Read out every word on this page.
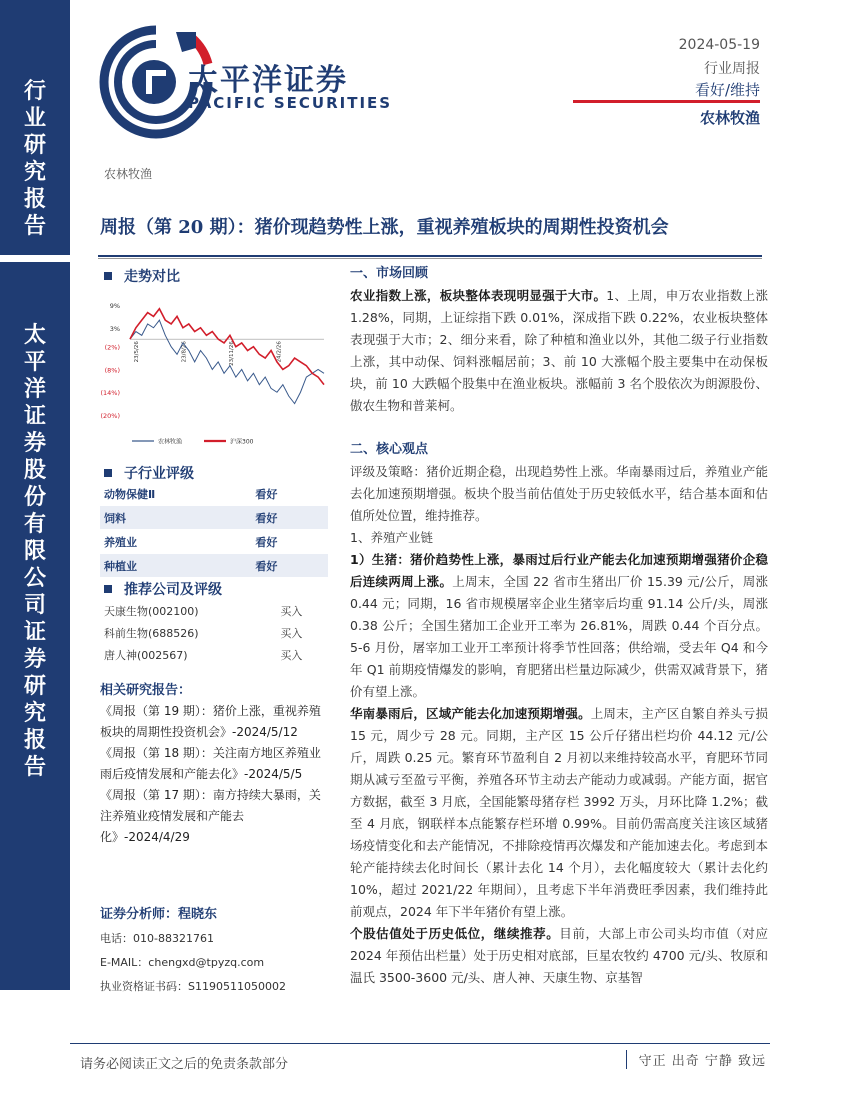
行
业
研
究
报
告
太
平
洋
证
券
股
份
有
限
公
司
证
券
研
究
报
告
太平洋证券
PACIFIC SECURITIES
2024-05-19
行业周报
看好/维持
农林牧渔
农林牧渔
周报（第 20 期）：猪价现趋势性上涨，重视养殖板块的周期性投资机会
走势对比
9%
3%
(2%)
(8%)
(14%)
(20%)
23/5/26	23/8/26	23/11/26	24/2/26
农林牧渔	沪深300
子行业评级
动物保健Ⅱ	看好
饲料	看好
养殖业	看好
种植业	看好
推荐公司及评级
天康生物(002100)	买入
科前生物(688526)	买入
唐人神(002567)	买入
相关研究报告：
《周报（第 19 期）：猪价上涨，重视养殖板块的周期性投资机会》-2024/5/12
《周报（第 18 期）：关注南方地区养殖业雨后疫情发展和产能去化》-2024/5/5
《周报（第 17 期）：南方持续大暴雨，关注养殖业疫情发展和产能去化》-2024/4/29
证券分析师：程晓东
电话：010-88321761
E-MAIL：chengxd@tpyzq.com
执业资格证书码：S1190511050002
一、市场回顾

农业指数上涨，板块整体表现明显强于大市。1、上周，申万农业指数上涨 1.28%，同期，上证综指下跌 0.01%，深成指下跌 0.22%，农业板块整体表现强于大市；2、细分来看，除了种植和渔业以外，其他二级子行业指数上涨，其中动保、饲料涨幅居前；3、前 10 大涨幅个股主要集中在动保板块，前 10 大跌幅个股集中在渔业板块。涨幅前 3 名个股依次为朗源股份、傲农生物和普莱柯。

二、核心观点

评级及策略：猪价近期企稳，出现趋势性上涨。华南暴雨过后，养殖业产能去化加速预期增强。板块个股当前估值处于历史较低水平，结合基本面和估值所处位置，维持推荐。

1、养殖产业链

1）生猪：猪价趋势性上涨，暴雨过后行业产能去化加速预期增强猪价企稳后连续两周上涨。上周末，全国 22 省市生猪出厂价 15.39 元/公斤，周涨 0.44 元；同期，16 省市规模屠宰企业生猪宰后均重 91.14 公斤/头，周涨 0.38 公斤；全国生猪加工企业开工率为 26.81%，周跌 0.44 个百分点。5-6 月份，屠宰加工业开工率预计将季节性回落；供给端，受去年 Q4 和今年 Q1 前期疫情爆发的影响，育肥猪出栏量边际减少，供需双减背景下，猪价有望上涨。

华南暴雨后，区域产能去化加速预期增强。上周末，主产区自繁自养头亏损 15 元，周少亏 28 元。同期，主产区 15 公斤仔猪出栏均价 44.12 元/公斤，周跌 0.25 元。繁育环节盈利自 2 月初以来维持较高水平，育肥环节同期从减亏至盈亏平衡，养殖各环节主动去产能动力或减弱。产能方面，据官方数据，截至 3 月底，全国能繁母猪存栏 3992 万头，月环比降 1.2%；截至 4 月底，钢联样本点能繁存栏环增 0.99%。目前仍需高度关注该区域猪场疫情变化和去产能情况，不排除疫情再次爆发和产能加速去化。考虑到本轮产能持续去化时间长（累计去化 14 个月），去化幅度较大（累计去化约 10%，超过 2021/22 年期间），且考虑下半年消费旺季因素，我们维持此前观点，2024 年下半年猪价有望上涨。

个股估值处于历史低位，继续推荐。目前，大部上市公司头均市值（对应 2024 年预估出栏量）处于历史相对底部，巨星农牧约 4700 元/头、牧原和温氏 3500-3600 元/头、唐人神、天康生物、京基智

请务必阅读正文之后的免责条款部分	守正 出奇 宁静 致远
